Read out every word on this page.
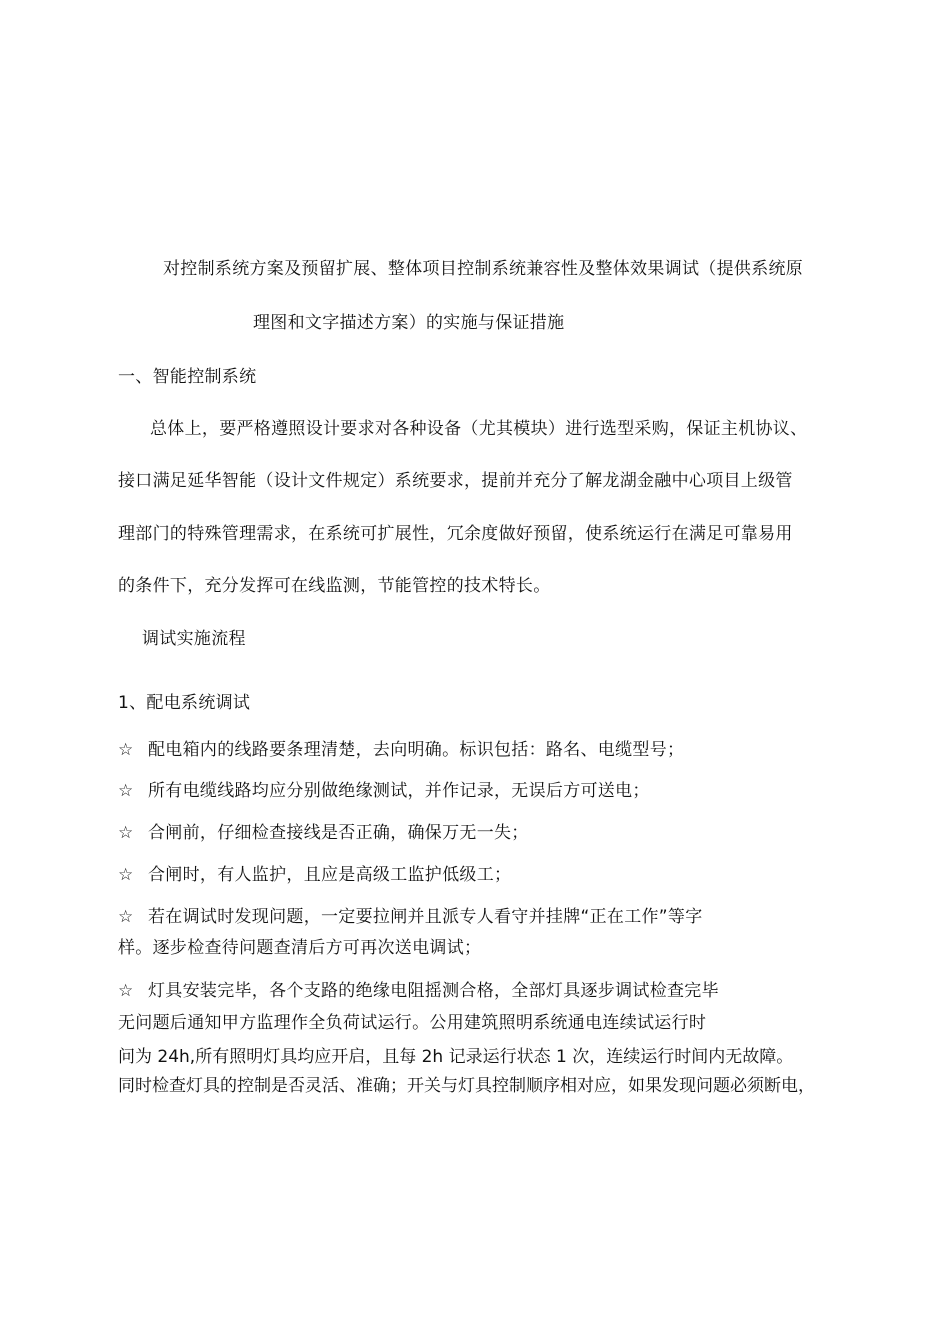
对控制系统方案及预留扩展、整体项目控制系统兼容性及整体效果调试（提供系统原
理图和文字描述方案）的实施与保证措施
一、智能控制系统
总体上，要严格遵照设计要求对各种设备（尤其模块）进行选型采购，保证主机协议、
接口满足延华智能（设计文件规定）系统要求，提前并充分了解龙湖金融中心项目上级管
理部门的特殊管理需求，在系统可扩展性，冗余度做好预留，使系统运行在满足可靠易用
的条件下，充分发挥可在线监测，节能管控的技术特长。
调试实施流程
1、配电系统调试
☆ 配电箱内的线路要条理清楚，去向明确。标识包括：路名、电缆型号；
☆ 所有电缆线路均应分别做绝缘测试，并作记录，无误后方可送电；
☆ 合闸前，仔细检查接线是否正确，确保万无一失；
☆ 合闸时，有人监护，且应是高级工监护低级工；
☆ 若在调试时发现问题，一定要拉闸并且派专人看守并挂牌“正在工作”等字
样。逐步检查待问题查清后方可再次送电调试；
☆ 灯具安装完毕，各个支路的绝缘电阻摇测合格，全部灯具逐步调试检查完毕
无问题后通知甲方监理作全负荷试运行。公用建筑照明系统通电连续试运行时
问为 24h,所有照明灯具均应开启，且每 2h 记录运行状态 1 次，连续运行时间内无故障。
同时检查灯具的控制是否灵活、准确；开关与灯具控制顺序相对应，如果发现问题必须断电，
